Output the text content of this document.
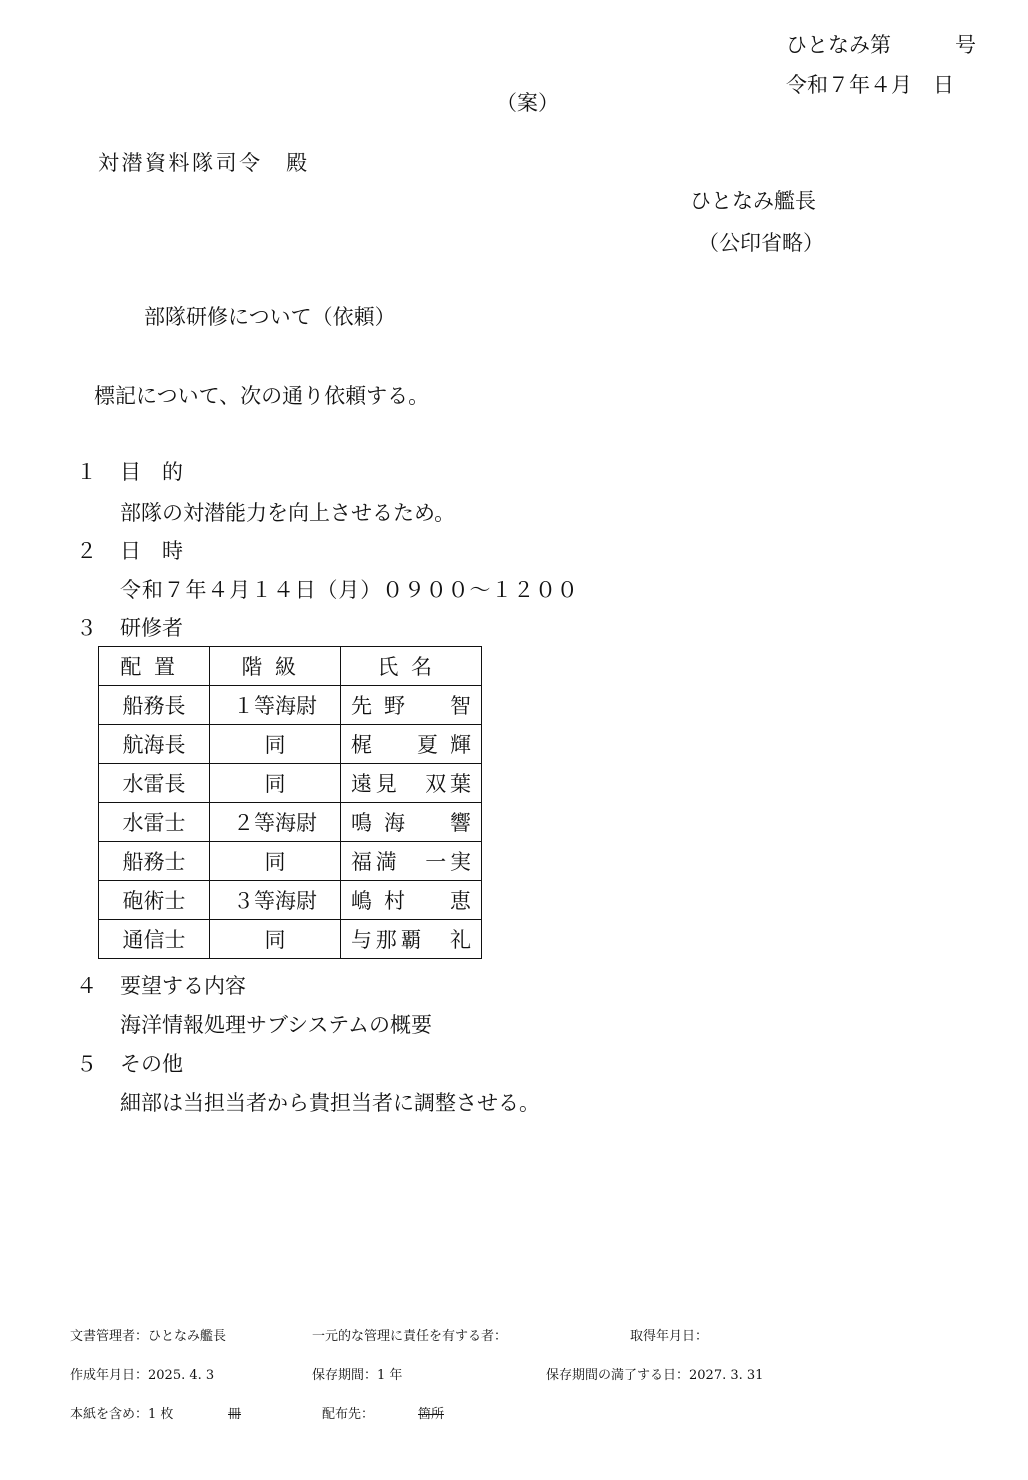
ひとなみ第	号
令和７年４月　日
（案）
対潜資料隊司令　殿
ひとなみ艦長
（公印省略）
部隊研修について（依頼）
標記について、次の通り依頼する。
１ 目　的
部隊の対潜能力を向上させるため。
２ 日　時
令和７年４月１４日（月）０９００～１２００
３ 研修者
配置	階級	氏名
船務長	１等海尉	先野　智
航海長	同	梶　夏輝
水雷長	同	遠見　双葉
水雷士	２等海尉	鳴海　響
船務士	同	福満　一実
砲術士	３等海尉	嶋村　恵
通信士	同	与那覇　礼
４ 要望する内容
海洋情報処理サブシステムの概要
５ その他
細部は当担当者から貴担当者に調整させる。
文書管理者：ひとなみ艦長	一元的な管理に責任を有する者：	取得年月日：
作成年月日：2025. 4. 3	保存期間：1 年	保存期間の満了する日：2027. 3. 31
本紙を含め：1 枚	冊	配布先：	箇所
